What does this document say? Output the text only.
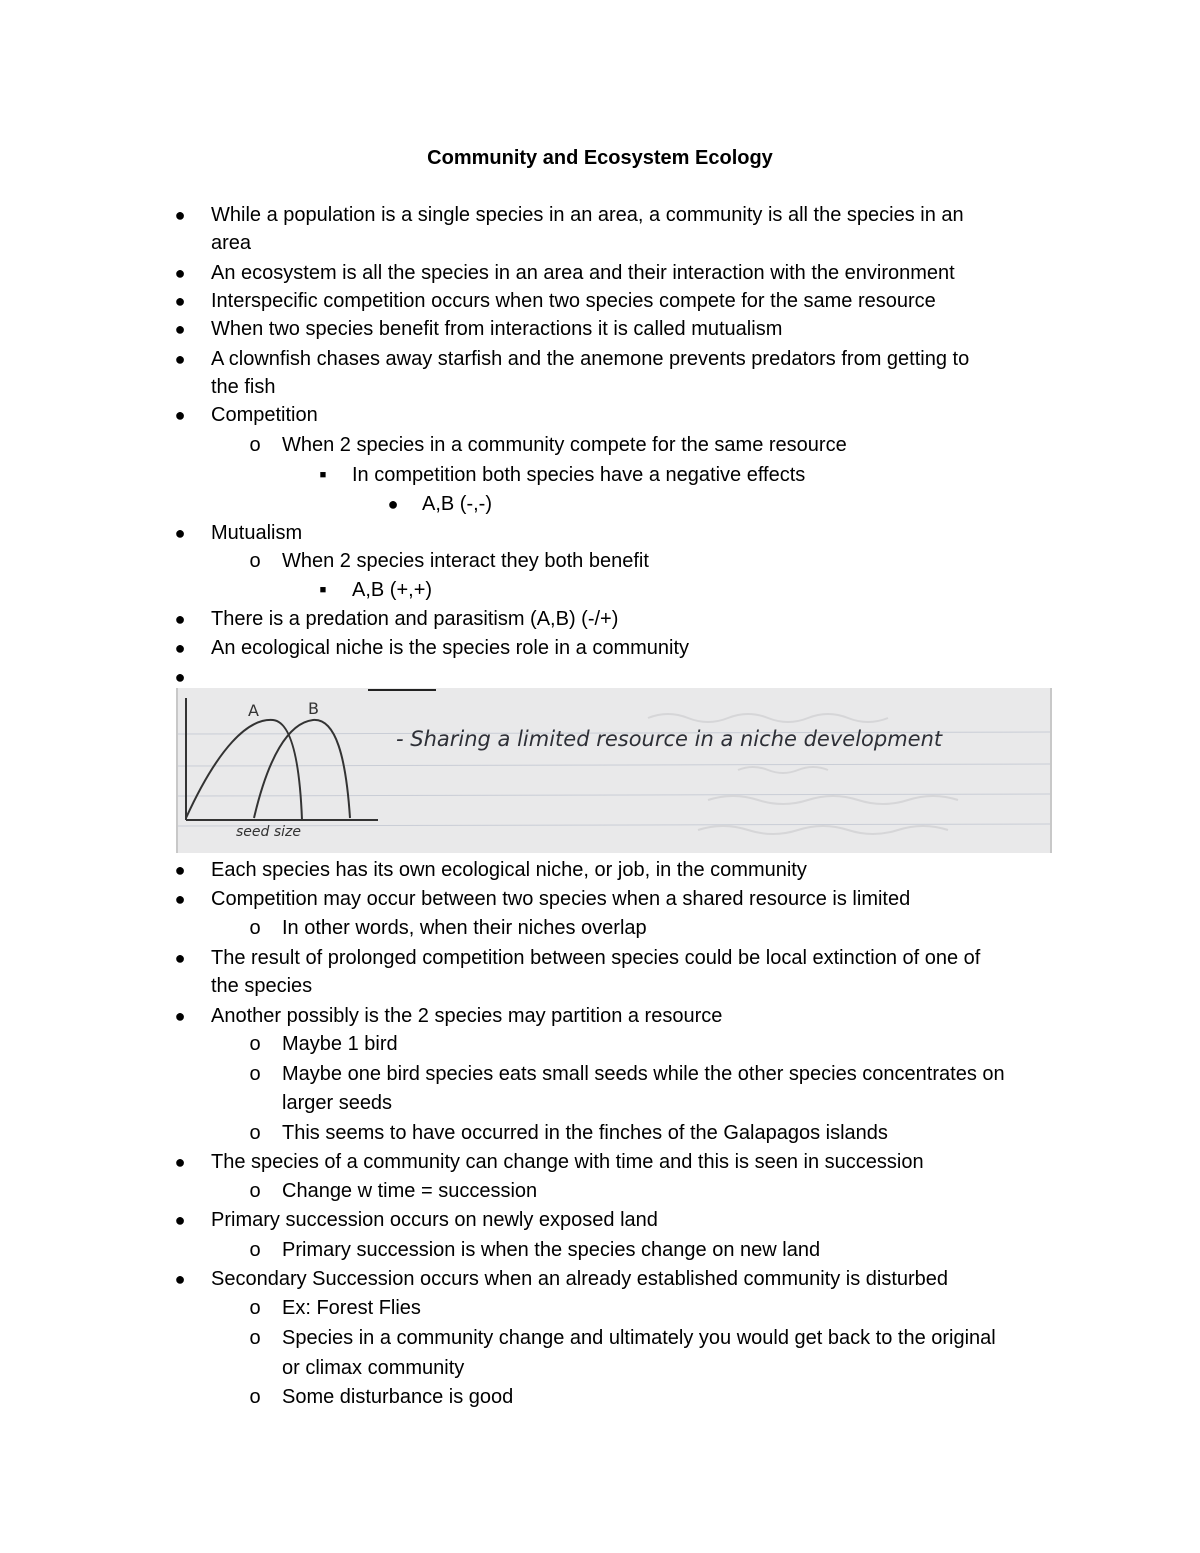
Community and Ecosystem Ecology
● While a population is a single species in an area, a community is all the species in an
area
● An ecosystem is all the species in an area and their interaction with the environment
● Interspecific competition occurs when two species compete for the same resource
● When two species benefit from interactions it is called mutualism
● A clownfish chases away starfish and the anemone prevents predators from getting to
the fish
● Competition
o When 2 species in a community compete for the same resource
■	In competition both species have a negative effects
● A,B (-,-)
● Mutualism
o When 2 species interact they both benefit
■	A,B (+,+)
● There is a predation and parasitism (A,B) (-/+)
● An ecological niche is the species role in a community
●
● Each species has its own ecological niche, or job, in the community
● Competition may occur between two species when a shared resource is limited
o In other words, when their niches overlap
● The result of prolonged competition between species could be local extinction of one of
the species
● Another possibly is the 2 species may partition a resource
o Maybe 1 bird
o Maybe one bird species eats small seeds while the other species concentrates on
larger seeds
o This seems to have occurred in the finches of the Galapagos islands
● The species of a community can change with time and this is seen in succession
o Change w time = succession
● Primary succession occurs on newly exposed land
o Primary succession is when the species change on new land
● Secondary Succession occurs when an already established community is disturbed
o Ex: Forest Flies
o Species in a community change and ultimately you would get back to the original
or climax community
o Some disturbance is good
A	B
seed size
- Sharing a limited resource in a niche development
